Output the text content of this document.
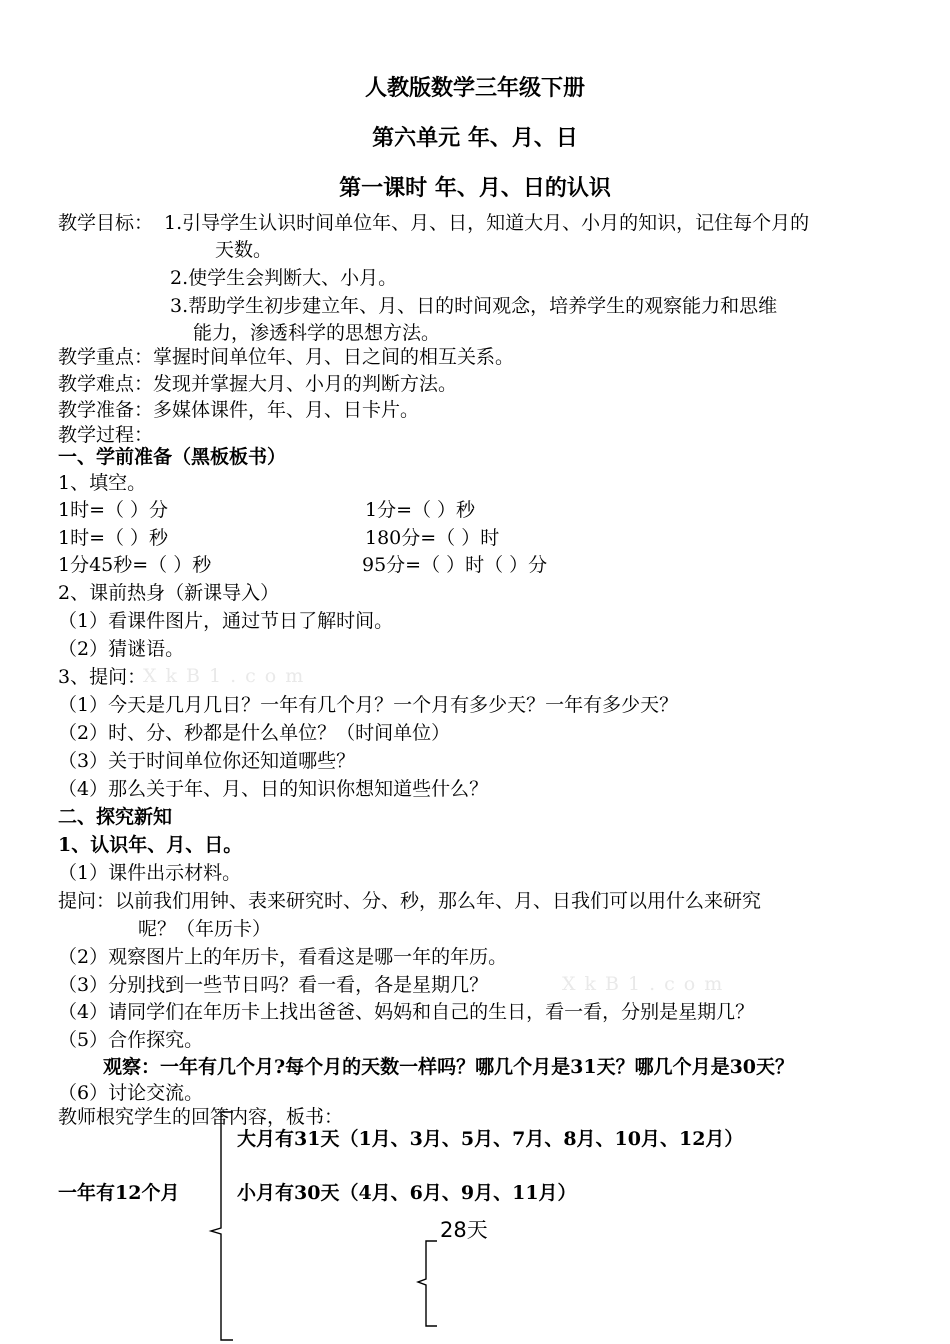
人教版数学三年级下册
第六单元 年、月、日
第一课时 年、月、日的认识
教学目标： 1.引导学生认识时间单位年、月、日，知道大月、小月的知识，记住每个月的
天数。
2.使学生会判断大、小月。
3.帮助学生初步建立年、月、日的时间观念，培养学生的观察能力和思维
能力，渗透科学的思想方法。
教学重点：掌握时间单位年、月、日之间的相互关系。
教学难点：发现并掌握大月、小月的判断方法。
教学准备：多媒体课件，年、月、日卡片。
教学过程：
一、学前准备（黑板板书）
1、填空。
1时=（ ）分	1分=（ ）秒
1时=（ ）秒	180分=（ ）时
1分45秒=（ ）秒	95分=（ ）时（ ）分
2、课前热身（新课导入）
（1）看课件图片，通过节日了解时间。
（2）猜谜语。
3、提问：
XkB1.com
（1）今天是几月几日？一年有几个月？一个月有多少天？一年有多少天？
（2）时、分、秒都是什么单位？（时间单位）
（3）关于时间单位你还知道哪些？
（4）那么关于年、月、日的知识你想知道些什么？
二、探究新知
1、认识年、月、日。
（1）课件出示材料。
提问：以前我们用钟、表来研究时、分、秒，那么年、月、日我们可以用什么来研究
呢？（年历卡）
（2）观察图片上的年历卡，看看这是哪一年的年历。
（3）分别找到一些节日吗？看一看，各是星期几？	XkB1.com
（4）请同学们在年历卡上找出爸爸、妈妈和自己的生日，看一看，分别是星期几？
（5）合作探究。
观察：一年有几个月?每个月的天数一样吗？哪几个月是31天？哪几个月是30天？
（6）讨论交流。
教师根究学生的回答内容，板书：
大月有31天（1月、3月、5月、7月、8月、10月、12月）
一年有12个月	小月有30天（4月、6月、9月、11月）
28天
